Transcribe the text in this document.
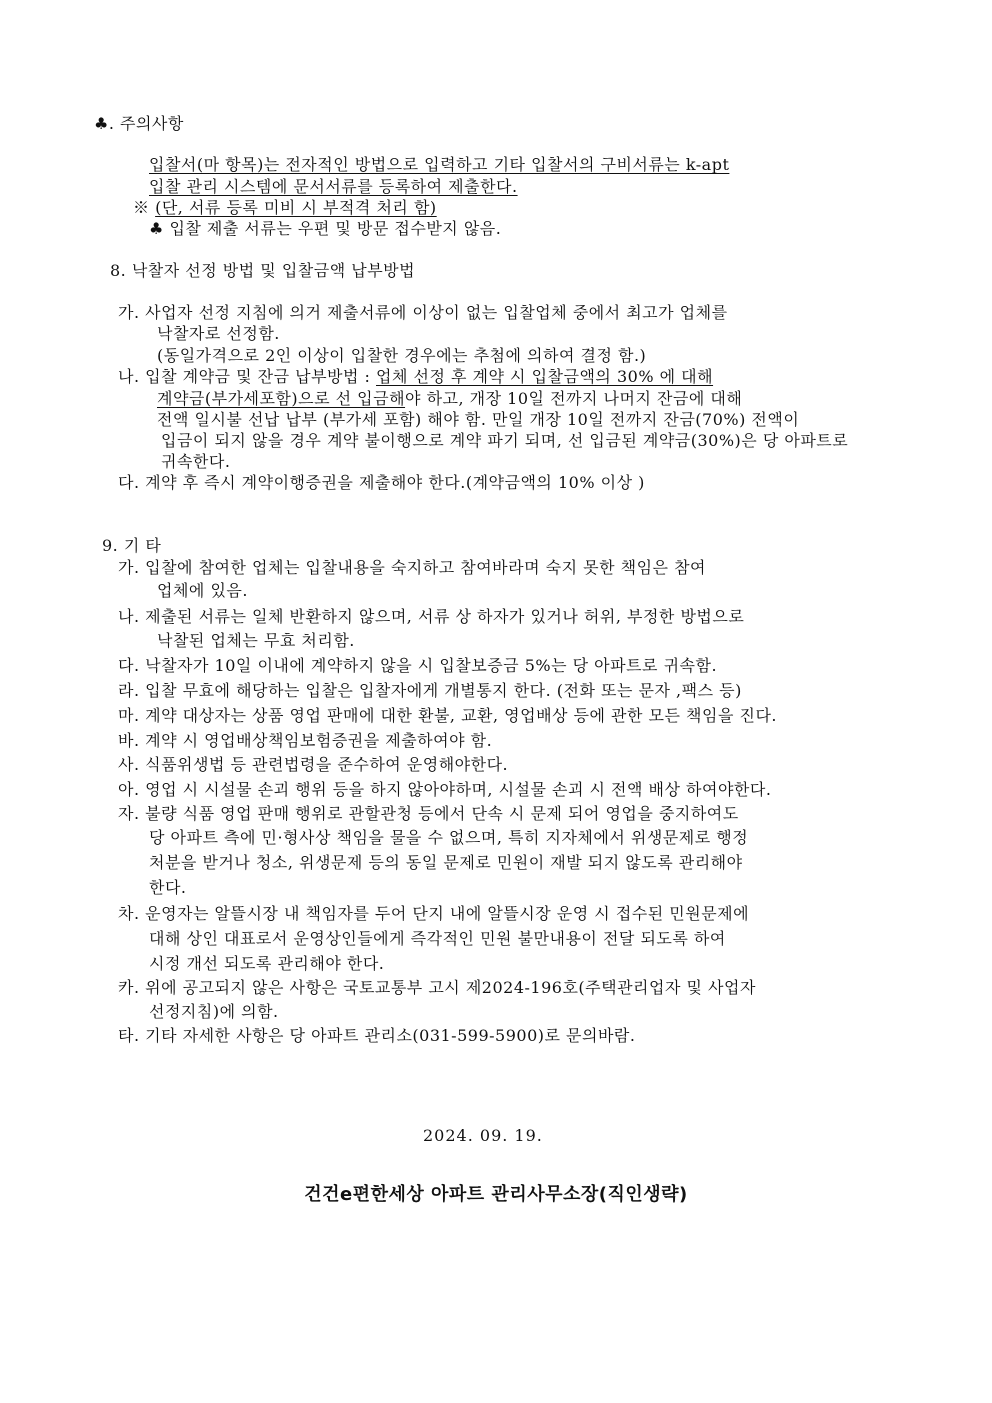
♣. 주의사항
입찰서(마 항목)는 전자적인 방법으로 입력하고 기타 입찰서의 구비서류는 k-apt
입찰 관리 시스템에 문서서류를 등록하여 제출한다.
※ (단, 서류 등록 미비 시 부적격 처리 함)
♣ 입찰 제출 서류는 우편 및 방문 접수받지 않음.
8. 낙찰자 선정 방법 및 입찰금액 납부방법
가. 사업자 선정 지침에 의거 제출서류에 이상이 없는 입찰업체 중에서 최고가 업체를
낙찰자로 선정함.
(동일가격으로 2인 이상이 입찰한 경우에는 추첨에 의하여 결정 함.)
나. 입찰 계약금 및 잔금 납부방법 : 업체 선정 후 계약 시 입찰금액의 30% 에 대해
계약금(부가세포함)으로 선 입금해야 하고, 개장 10일 전까지 나머지 잔금에 대해
전액 일시불 선납 납부 (부가세 포함) 해야 함. 만일 개장 10일 전까지 잔금(70%) 전액이
입금이 되지 않을 경우 계약 불이행으로 계약 파기 되며, 선 입금된 계약금(30%)은 당 아파트로
귀속한다.
다. 계약 후 즉시 계약이행증권을 제출해야 한다.(계약금액의 10% 이상 )
9. 기 타
가. 입찰에 참여한 업체는 입찰내용을 숙지하고 참여바라며 숙지 못한 책임은 참여
업체에 있음.
나. 제출된 서류는 일체 반환하지 않으며, 서류 상 하자가 있거나 허위, 부정한 방법으로
낙찰된 업체는 무효 처리함.
다. 낙찰자가 10일 이내에 계약하지 않을 시 입찰보증금 5%는 당 아파트로 귀속함.
라. 입찰 무효에 해당하는 입찰은 입찰자에게 개별통지 한다. (전화 또는 문자 ,팩스 등)
마. 계약 대상자는 상품 영업 판매에 대한 환불, 교환, 영업배상 등에 관한 모든 책임을 진다.
바. 계약 시 영업배상책임보험증권을 제출하여야 함.
사. 식품위생법 등 관련법령을 준수하여 운영해야한다.
아. 영업 시 시설물 손괴 행위 등을 하지 않아야하며, 시설물 손괴 시 전액 배상 하여야한다.
자. 불량 식품 영업 판매 행위로 관할관청 등에서 단속 시 문제 되어 영업을 중지하여도
당 아파트 측에 민·형사상 책임을 물을 수 없으며, 특히 지자체에서 위생문제로 행정
처분을 받거나 청소, 위생문제 등의 동일 문제로 민원이 재발 되지 않도록 관리해야
한다.
차. 운영자는 알뜰시장 내 책임자를 두어 단지 내에 알뜰시장 운영 시 접수된 민원문제에
대해 상인 대표로서 운영상인들에게 즉각적인 민원 불만내용이 전달 되도록 하여
시정 개선 되도록 관리해야 한다.
카. 위에 공고되지 않은 사항은 국토교통부 고시 제2024-196호(주택관리업자 및 사업자
선정지침)에 의함.
타. 기타 자세한 사항은 당 아파트 관리소(031-599-5900)로 문의바람.
2024. 09. 19.
건건e편한세상 아파트 관리사무소장(직인생략)
